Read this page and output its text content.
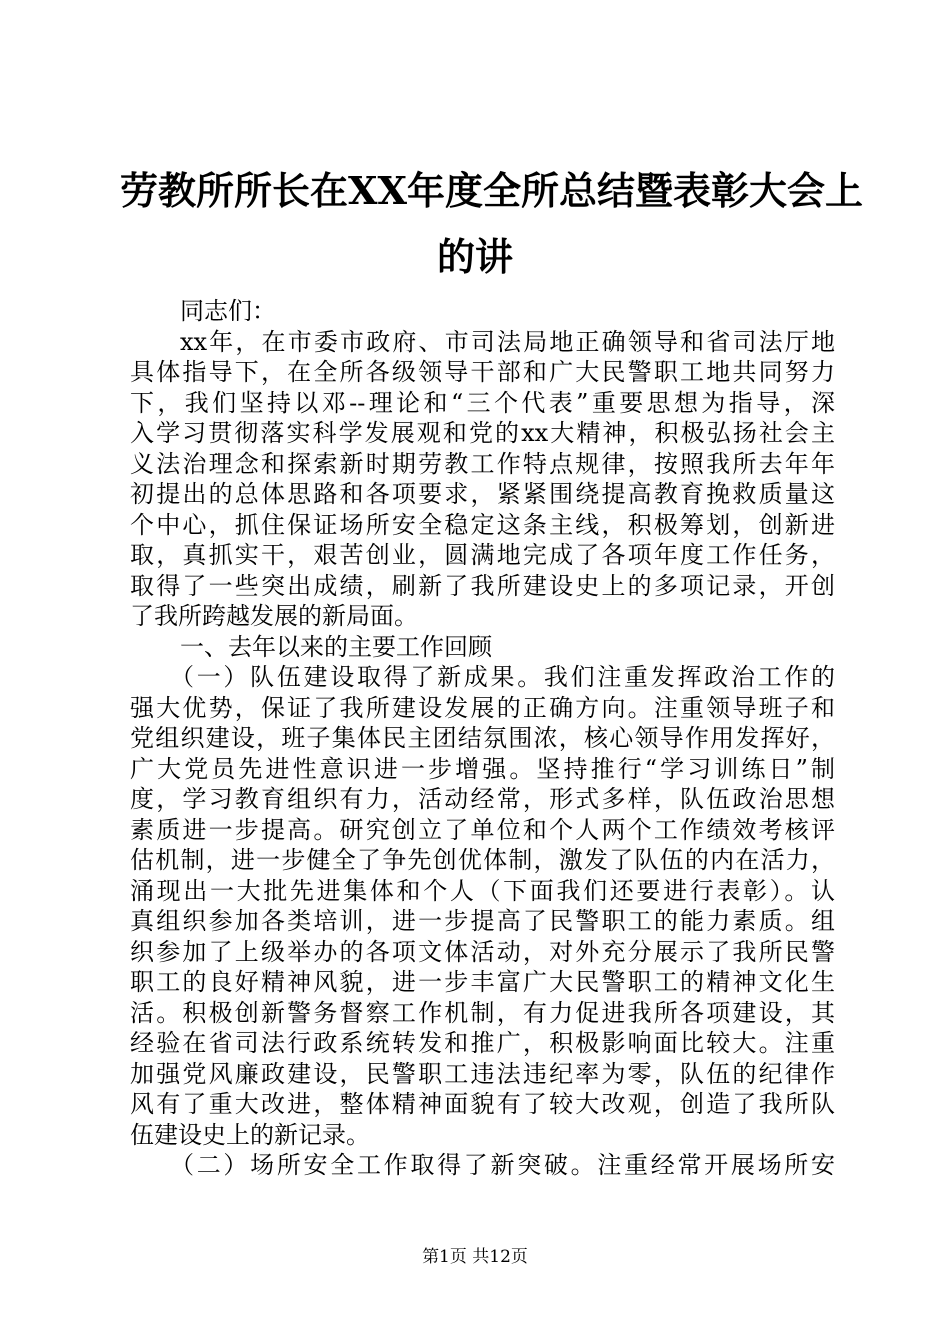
劳教所所长在XX年度全所总结暨表彰大会上
的讲
同志们：
xx年，在市委市政府、市司法局地正确领导和省司法厅地
具体指导下，在全所各级领导干部和广大民警职工地共同努力
下，我们坚持以邓--理论和“三个代表”重要思想为指导，深
入学习贯彻落实科学发展观和党的xx大精神，积极弘扬社会主
义法治理念和探索新时期劳教工作特点规律，按照我所去年年
初提出的总体思路和各项要求，紧紧围绕提高教育挽救质量这
个中心，抓住保证场所安全稳定这条主线，积极筹划，创新进
取，真抓实干，艰苦创业，圆满地完成了各项年度工作任务，
取得了一些突出成绩，刷新了我所建设史上的多项记录，开创
了我所跨越发展的新局面。
一、去年以来的主要工作回顾
（一）队伍建设取得了新成果。我们注重发挥政治工作的
强大优势，保证了我所建设发展的正确方向。注重领导班子和
党组织建设，班子集体民主团结氛围浓，核心领导作用发挥好，
广大党员先进性意识进一步增强。坚持推行“学习训练日”制
度，学习教育组织有力，活动经常，形式多样，队伍政治思想
素质进一步提高。研究创立了单位和个人两个工作绩效考核评
估机制，进一步健全了争先创优体制，激发了队伍的内在活力，
涌现出一大批先进集体和个人（下面我们还要进行表彰）。认
真组织参加各类培训，进一步提高了民警职工的能力素质。组
织参加了上级举办的各项文体活动，对外充分展示了我所民警
职工的良好精神风貌，进一步丰富广大民警职工的精神文化生
活。积极创新警务督察工作机制，有力促进我所各项建设，其
经验在省司法行政系统转发和推广，积极影响面比较大。注重
加强党风廉政建设，民警职工违法违纪率为零，队伍的纪律作
风有了重大改进，整体精神面貌有了较大改观，创造了我所队
伍建设史上的新记录。
（二）场所安全工作取得了新突破。注重经常开展场所安
第1页 共12页
